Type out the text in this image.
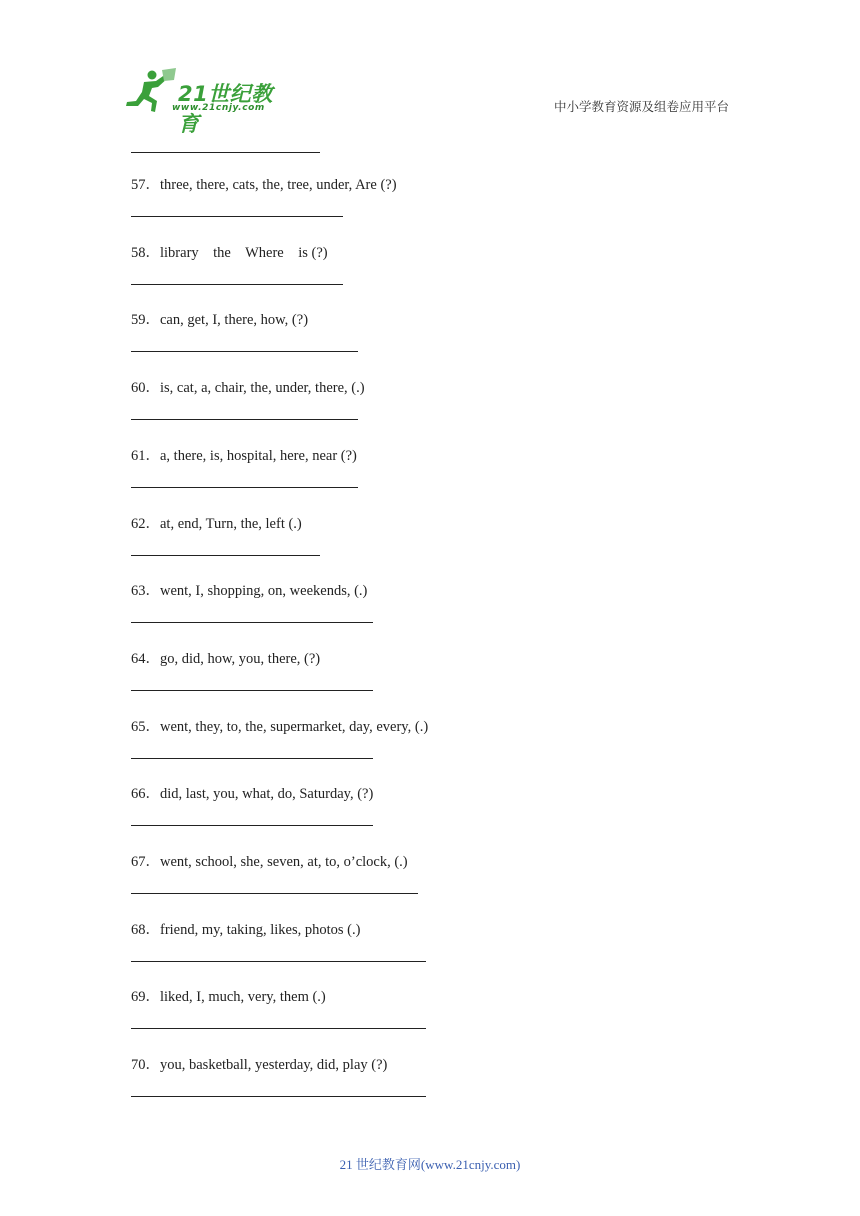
21世纪教育
www.21cnjy.com	中小学教育资源及组卷应用平台
57．three, there, cats, the, tree, under, Are (?)
58．library    the    Where    is (?)
59．can, get, I, there, how, (?)
60．is, cat, a, chair, the, under, there, (.)
61．a, there, is, hospital, here, near (?)
62．at, end, Turn, the, left (.)
63．went, I, shopping, on, weekends, (.)
64．go, did, how, you, there, (?)
65．went, they, to, the, supermarket, day, every, (.)
66．did, last, you, what, do, Saturday, (?)
67．went, school, she, seven, at, to, o’clock, (.)
68．friend, my, taking, likes, photos (.)
69．liked, I, much, very, them (.)
70．you, basketball, yesterday, did, play (?)
21 世纪教育网(www.21cnjy.com)
